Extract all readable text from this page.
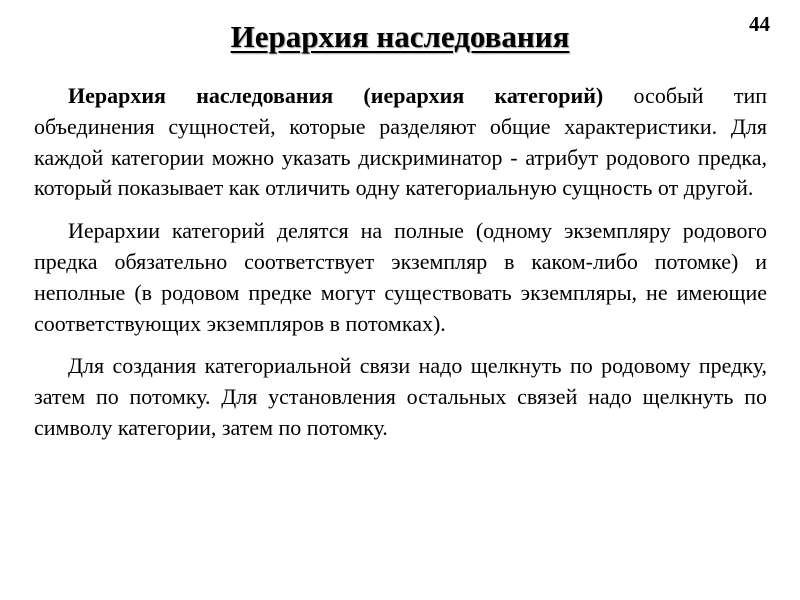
44
Иерархия наследования

Иерархия наследования (иерархия категорий) особый тип объединения сущностей, которые разделяют общие характеристики. Для каждой категории можно указать дискриминатор - атрибут родового предка, который показывает как отличить одну категориальную сущность от другой.

Иерархии категорий делятся на полные (одному экземпляру родового предка обязательно соответствует экземпляр в каком-либо потомке) и неполные (в родовом предке могут существовать экземпляры, не имеющие соответствующих экземпляров в потомках).

Для создания категориальной связи надо щелкнуть по родовому предку, затем по потомку. Для установления остальных связей надо щелкнуть по символу категории, затем по потомку.
